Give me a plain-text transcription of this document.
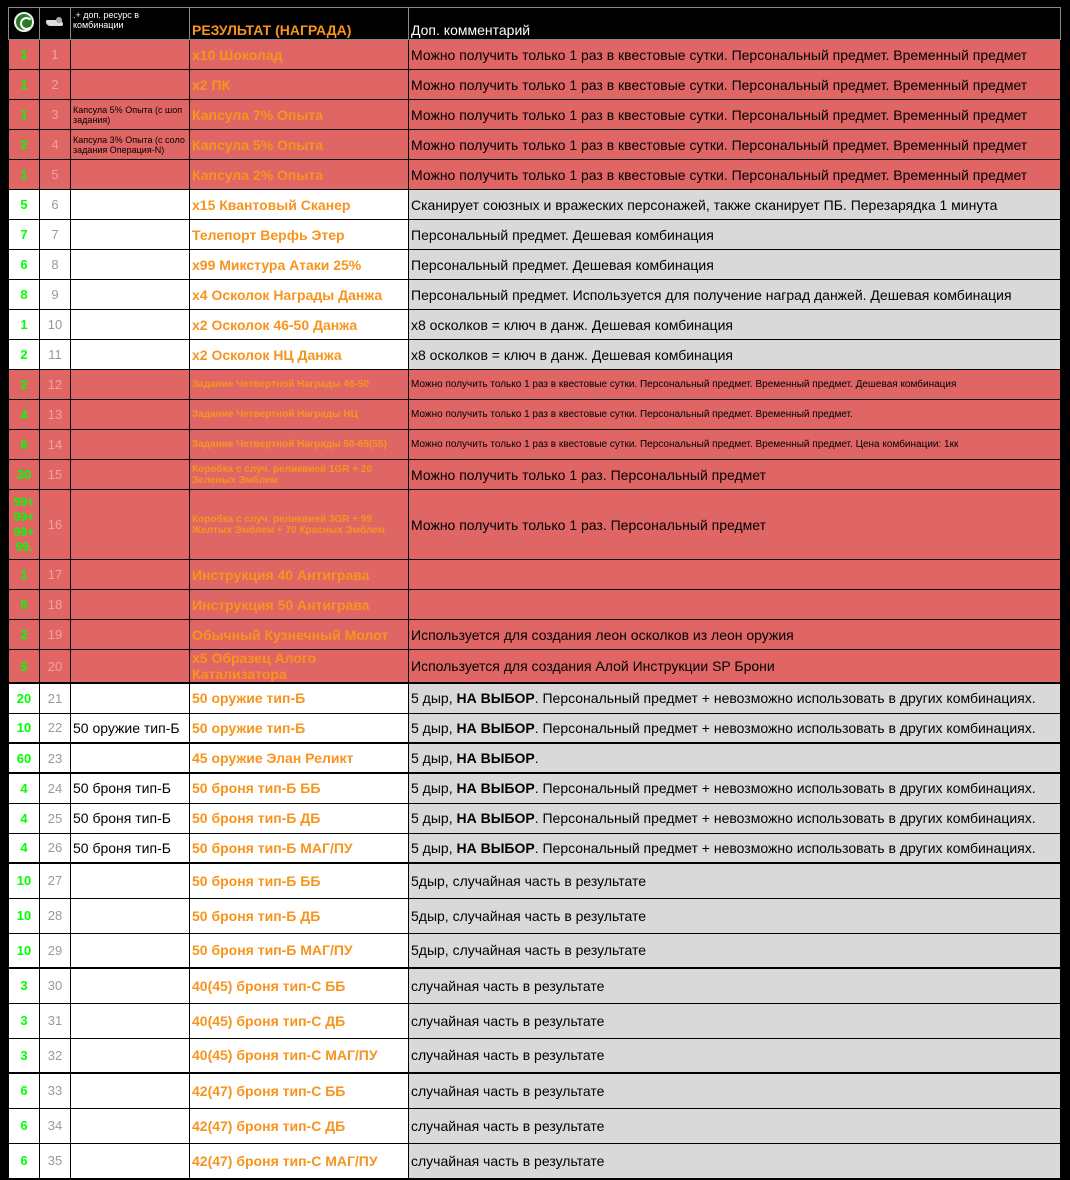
		.+ доп. ресурс в комбинации	РЕЗУЛЬТАТ (НАГРАДА)	Доп. комментарий
1	1		x10 Шоколад	Можно получить только 1 раз в квестовые сутки. Персональный предмет. Временный предмет
1	2		x2 ПК	Можно получить только 1 раз в квестовые сутки. Персональный предмет. Временный предмет
1	3	Капсула 5% Опыта (с шоп задания)	Капсула 7% Опыта	Можно получить только 1 раз в квестовые сутки. Персональный предмет. Временный предмет
2	4	Капсула 3% Опыта (с соло задания Операция-N)	Капсула 5% Опыта	Можно получить только 1 раз в квестовые сутки. Персональный предмет. Временный предмет
1	5		Капсула 2% Опыта	Можно получить только 1 раз в квестовые сутки. Персональный предмет. Временный предмет
5	6		x15 Квантовый Сканер	Сканирует союзных и вражеских персонажей, также сканирует ПБ. Перезарядка 1 минута
7	7		Телепорт Верфь Этер	Персональный предмет. Дешевая комбинация
6	8		x99 Микстура Атаки 25%	Персональный предмет. Дешевая комбинация
8	9		x4 Осколок Награды Данжа	Персональный предмет. Используется для получение наград данжей. Дешевая комбинация
1	10		x2 Осколок 46-50 Данжа	x8 осколков = ключ в данж. Дешевая комбинация
2	11		x2 Осколок НЦ Данжа	x8 осколков = ключ в данж. Дешевая комбинация
2	12		Задание Четвертной Награды 46-50	Можно получить только 1 раз в квестовые сутки. Персональный предмет. Временный предмет. Дешевая комбинация
4	13		Задание Четвертной Награды НЦ	Можно получить только 1 раз в квестовые сутки. Персональный предмет. Временный предмет.
6	14		Задание Четвертной Награды 50-65(55)	Можно получить только 1 раз в квестовые сутки. Персональный предмет. Временный предмет. Цена комбинации: 1кк
30	15		Коробка с случ. реликвией 1GR + 20 Зеленых Эмблем	Можно получить только 1 раз. Персональный предмет
99+ 99+ 99+ 99.	16		Коробка с случ. реликвией 3GR + 99 Желтых Эмблем + 70 Красных Эмблем	Можно получить только 1 раз. Персональный предмет
1	17		Инструкция 40 Антиграва	
5	18		Инструкция 50 Антиграва	
2	19		Обычный Кузнечный Молот	Используется для создания леон осколков из леон оружия
5	20		x5 Образец Алого Катализатора	Используется для создания Алой Инструкции SP Брони
20	21		50 оружие тип-Б	5 дыр, НА ВЫБОР. Персональный предмет + невозможно использовать в других комбинациях.
10	22	50 оружие тип-Б	50 оружие тип-Б	5 дыр, НА ВЫБОР. Персональный предмет + невозможно использовать в других комбинациях.
60	23		45 оружие Элан Реликт	5 дыр, НА ВЫБОР.
4	24	50 броня тип-Б	50 броня тип-Б ББ	5 дыр, НА ВЫБОР. Персональный предмет + невозможно использовать в других комбинациях.
4	25	50 броня тип-Б	50 броня тип-Б ДБ	5 дыр, НА ВЫБОР. Персональный предмет + невозможно использовать в других комбинациях.
4	26	50 броня тип-Б	50 броня тип-Б МАГ/ПУ	5 дыр, НА ВЫБОР. Персональный предмет + невозможно использовать в других комбинациях.
10	27		50 броня тип-Б ББ	5дыр, случайная часть в результате
10	28		50 броня тип-Б ДБ	5дыр, случайная часть в результате
10	29		50 броня тип-Б МАГ/ПУ	5дыр, случайная часть в результате
3	30		40(45) броня тип-С ББ	случайная часть в результате
3	31		40(45) броня тип-С ДБ	случайная часть в результате
3	32		40(45) броня тип-С МАГ/ПУ	случайная часть в результате
6	33		42(47) броня тип-С ББ	случайная часть в результате
6	34		42(47) броня тип-С ДБ	случайная часть в результате
6	35		42(47) броня тип-С МАГ/ПУ	случайная часть в результате
